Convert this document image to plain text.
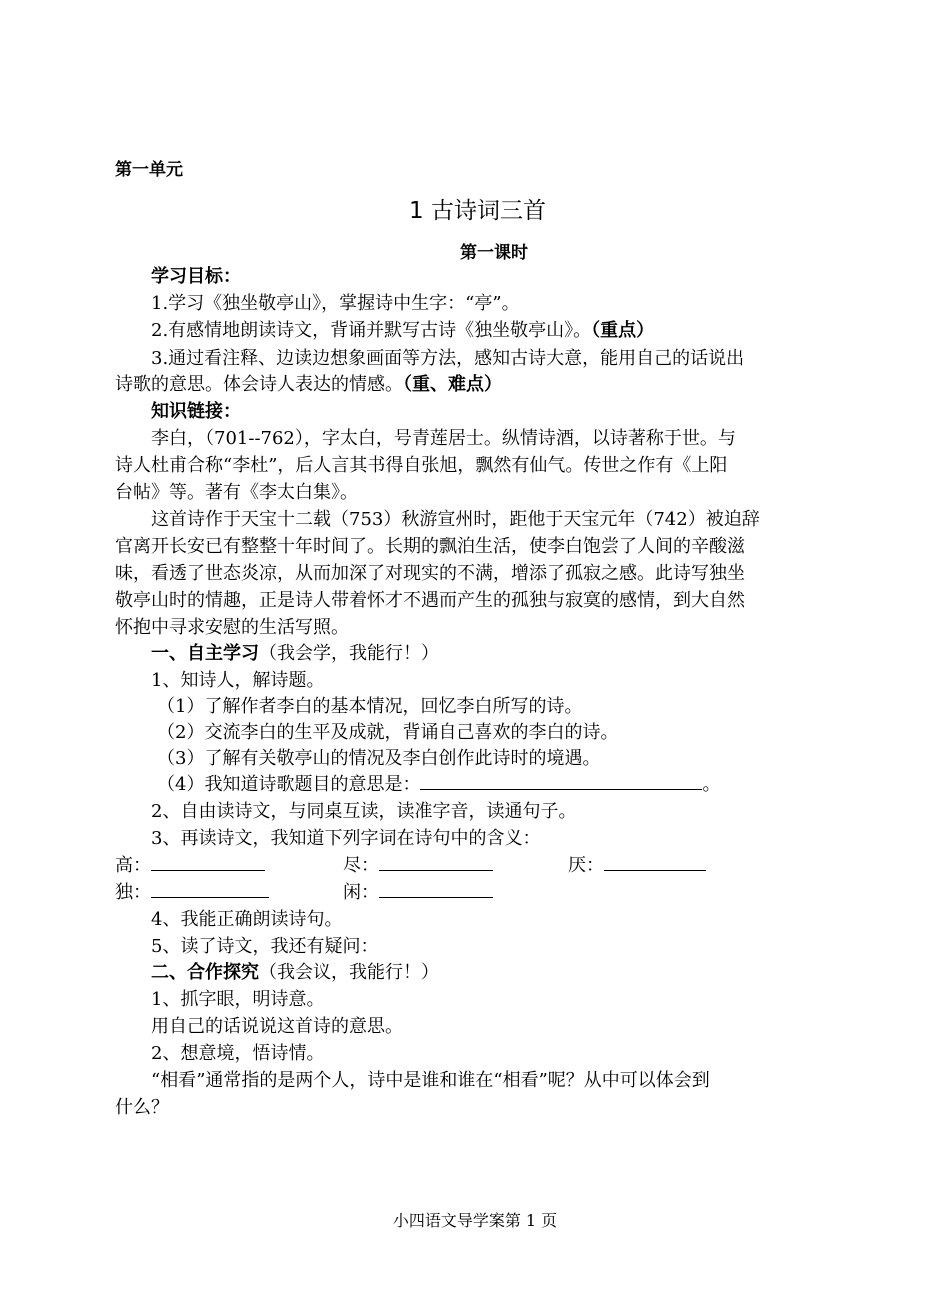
第一单元
1 古诗词三首
第一课时
学习目标：
1.学习《独坐敬亭山》，掌握诗中生字：“亭”。
2.有感情地朗读诗文，背诵并默写古诗《独坐敬亭山》。（重点）
3.通过看注释、边读边想象画面等方法，感知古诗大意，能用自己的话说出
诗歌的意思。体会诗人表达的情感。（重、难点）
知识链接：
李白，（701--762），字太白，号青莲居士。纵情诗酒，以诗著称于世。与
诗人杜甫合称“李杜”，后人言其书得自张旭，飘然有仙气。传世之作有《上阳
台帖》等。著有《李太白集》。
这首诗作于天宝十二载（753）秋游宣州时，距他于天宝元年（742）被迫辞
官离开长安已有整整十年时间了。长期的飘泊生活，使李白饱尝了人间的辛酸滋
味，看透了世态炎凉，从而加深了对现实的不满，增添了孤寂之感。此诗写独坐
敬亭山时的情趣，正是诗人带着怀才不遇而产生的孤独与寂寞的感情，到大自然
怀抱中寻求安慰的生活写照。
一、自主学习（我会学，我能行！）
1、知诗人，解诗题。
（1）了解作者李白的基本情况，回忆李白所写的诗。
（2）交流李白的生平及成就，背诵自己喜欢的李白的诗。
（3）了解有关敬亭山的情况及李白创作此诗时的境遇。
（4）我知道诗歌题目的意思是：	。
2、自由读诗文，与同桌互读，读准字音，读通句子。
3、再读诗文，我知道下列字词在诗句中的含义：
高：	尽：	厌：
独：	闲：
4、我能正确朗读诗句。
5、读了诗文，我还有疑问：
二、合作探究（我会议，我能行！）
1、抓字眼，明诗意。
用自己的话说说这首诗的意思。
2、想意境，悟诗情。
“相看”通常指的是两个人，诗中是谁和谁在“相看”呢？从中可以体会到
什么？
小四语文导学案第 1 页
